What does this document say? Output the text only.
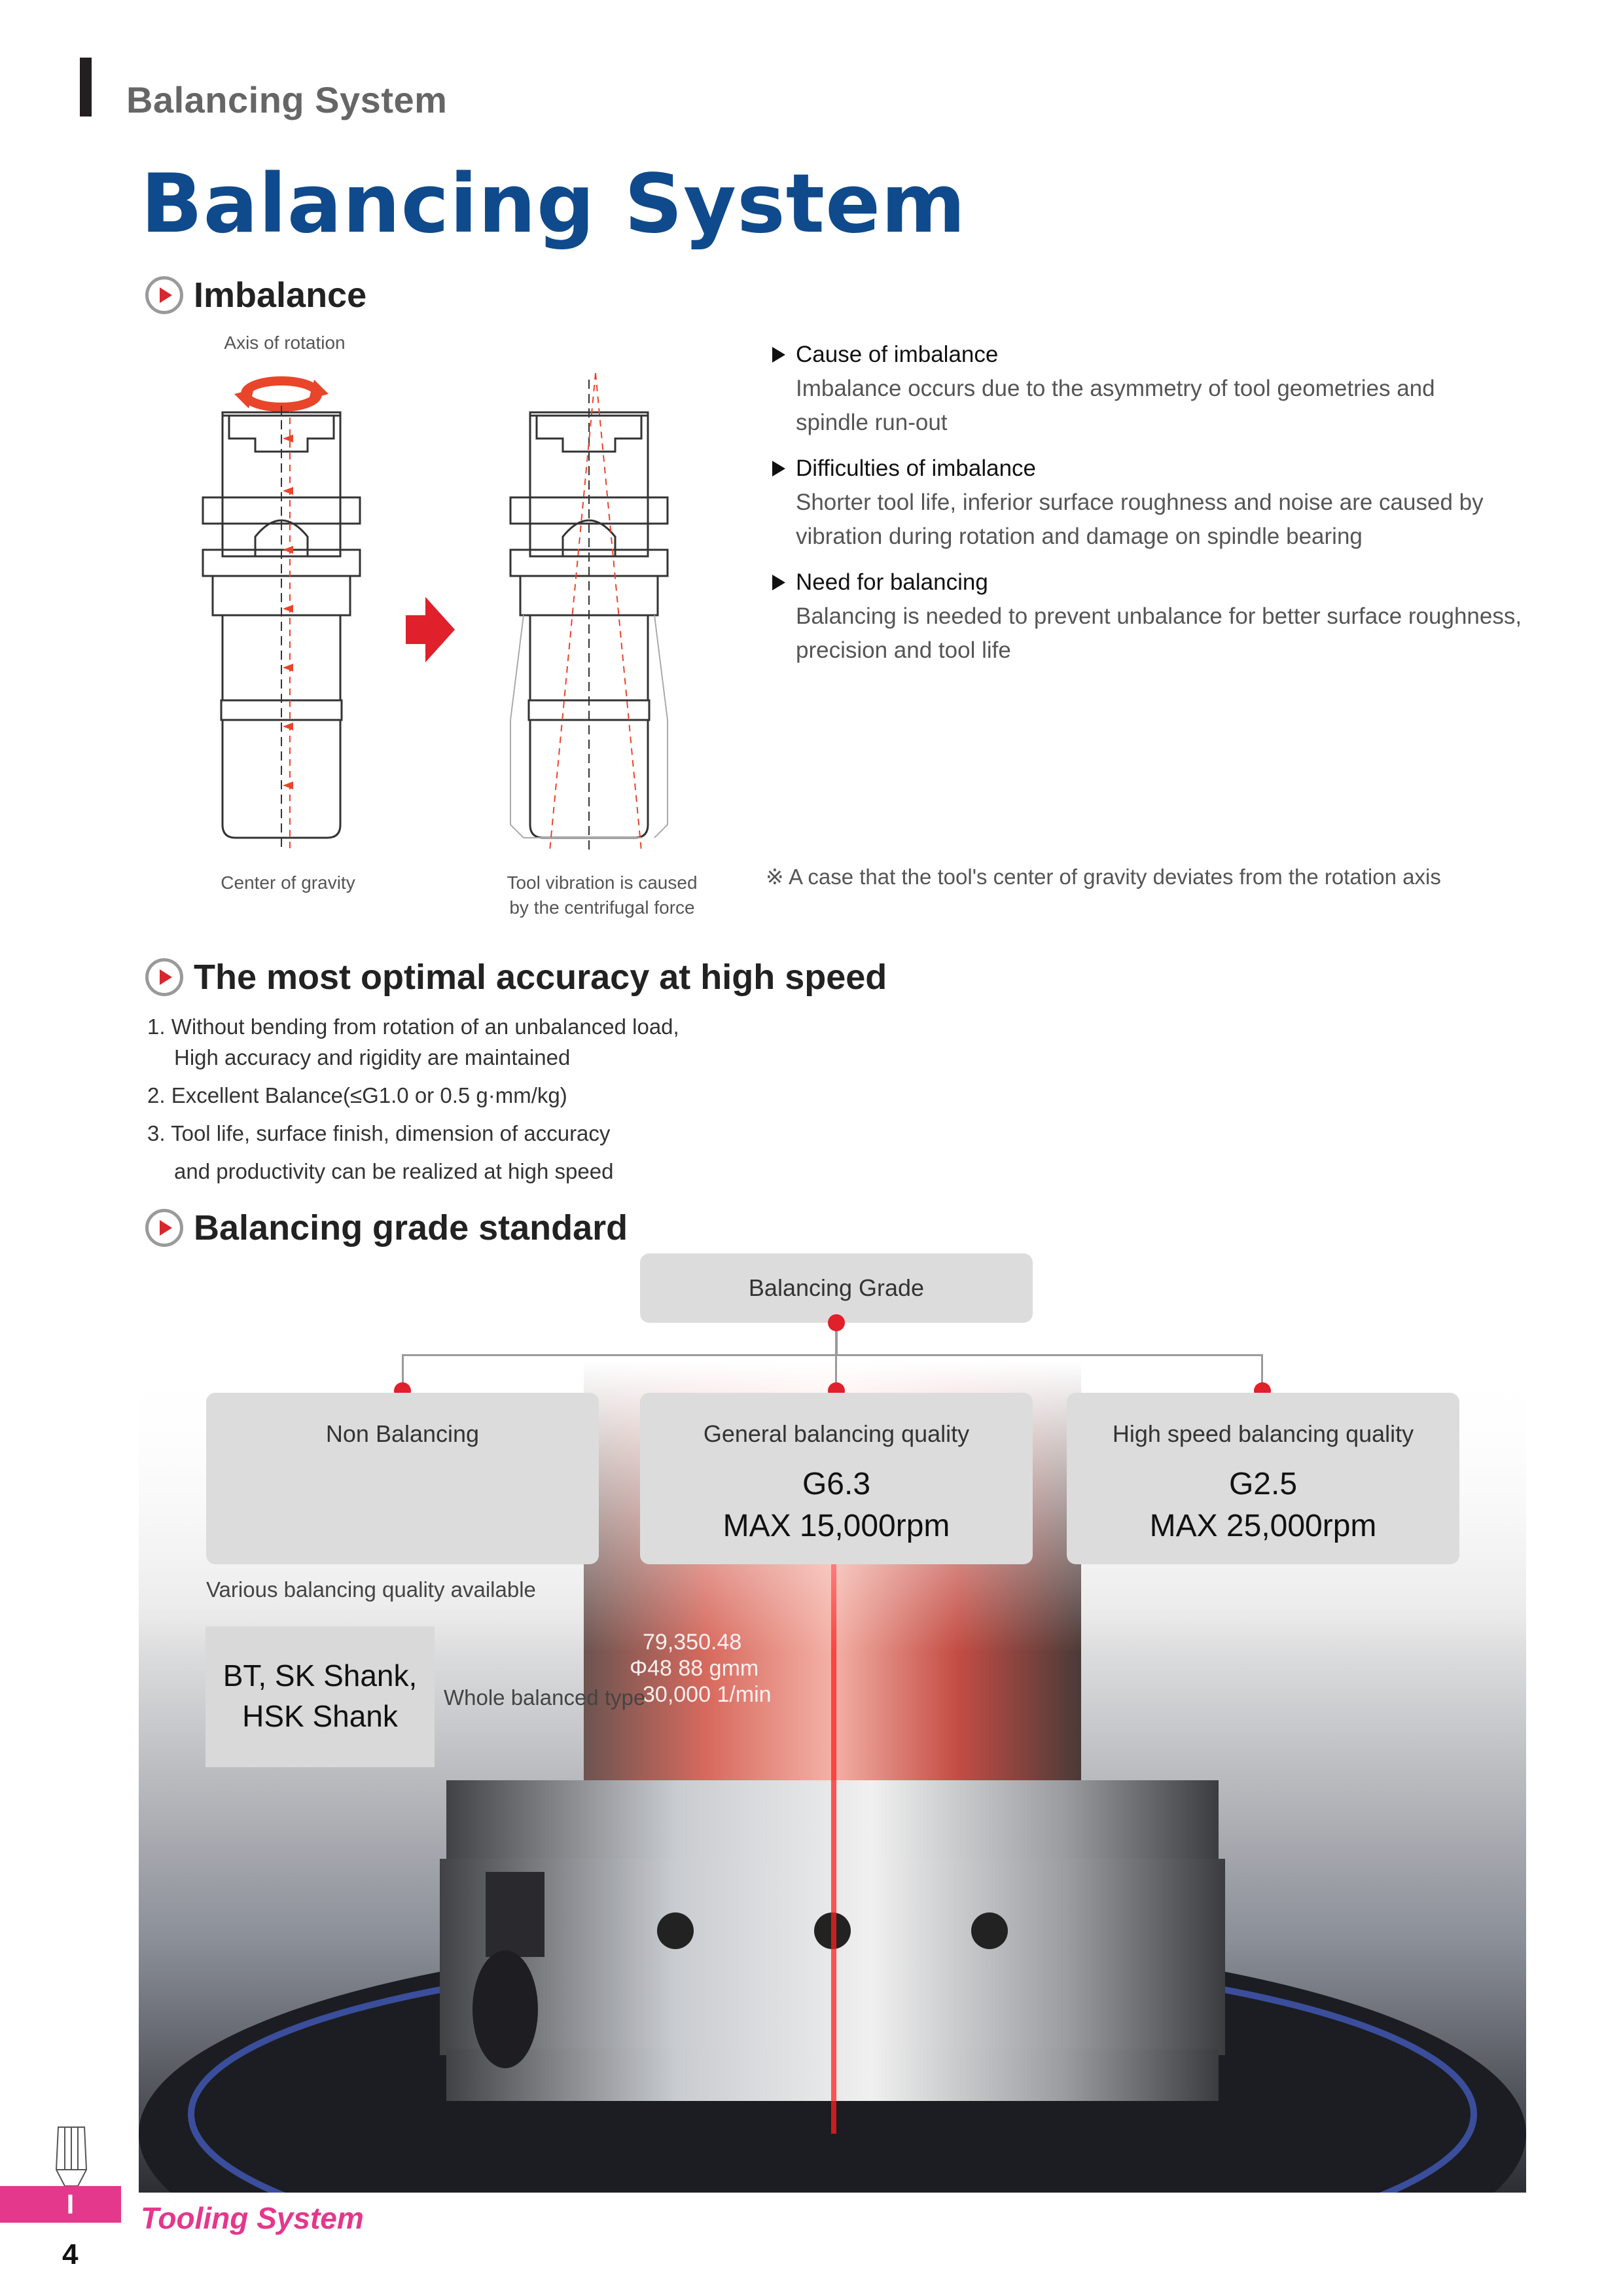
Balancing System
Balancing System
Imbalance
Axis of rotation
Center of gravity	Tool vibration is caused
by the centrifugal force
Cause of imbalance
Imbalance occurs due to the asymmetry of tool geometries and
spindle run-out
Difficulties of imbalance
Shorter tool life, inferior surface roughness and noise are caused by
vibration during rotation and damage on spindle bearing
Need for balancing
Balancing is needed to prevent unbalance for better surface roughness,
precision and tool life
※ A case that the tool's center of gravity deviates from the rotation axis
The most optimal accuracy at high speed
1. Without bending from rotation of an unbalanced load,
High accuracy and rigidity are maintained
2. Excellent Balance(≤G1.0 or 0.5 g·mm/kg)
3. Tool life, surface finish, dimension of accuracy
and productivity can be realized at high speed
Balancing grade standard
79,350.48
Φ48 88 gmm
30,000 1/min
Balancing Grade
Non Balancing	General balancing quality
G6.3
MAX 15,000rpm
High speed balancing quality
G2.5
MAX 25,000rpm
Various balancing quality available
BT, SK Shank,
HSK Shank
Whole balanced type
I	Tooling System
4
